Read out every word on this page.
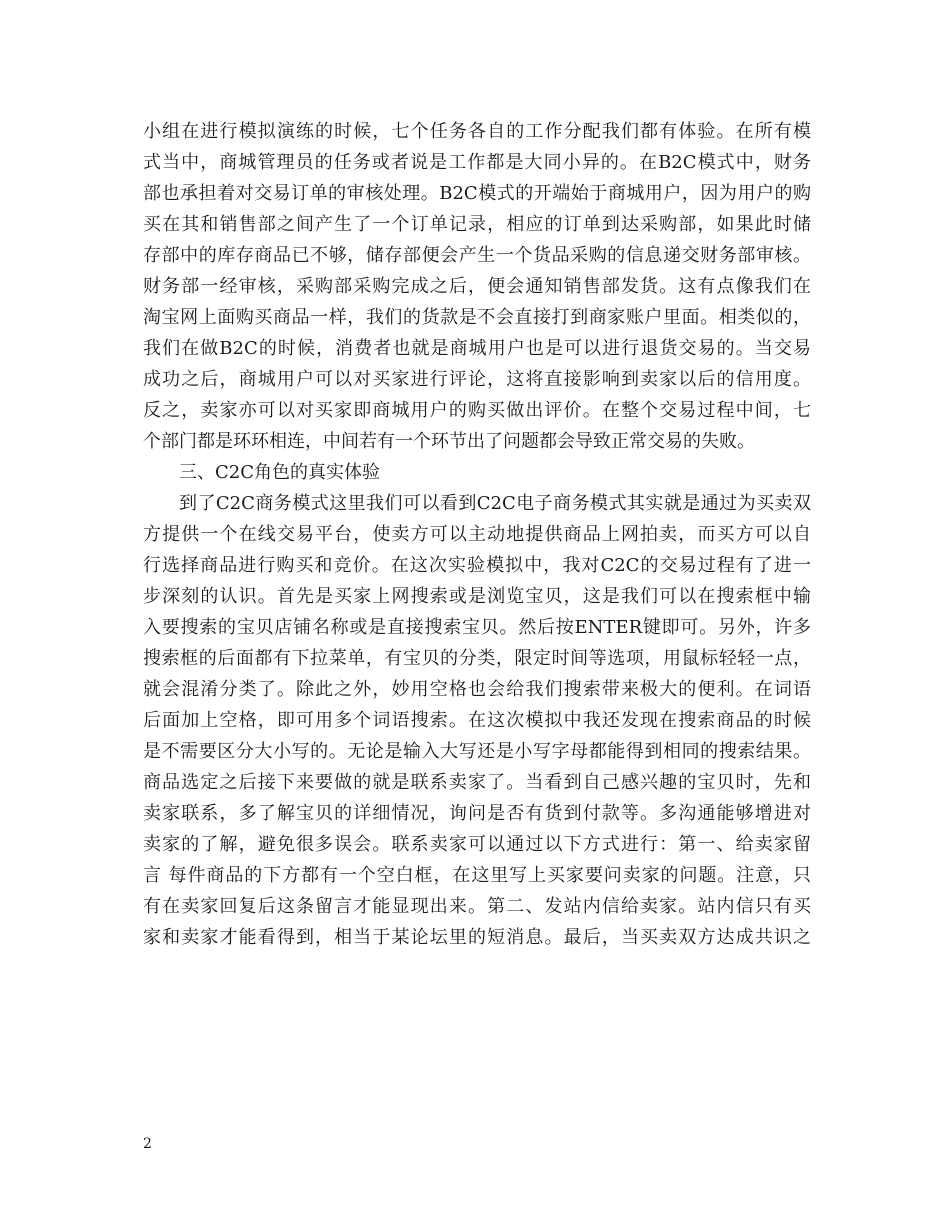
小组在进行模拟演练的时候，七个任务各自的工作分配我们都有体验。在所有模
式当中，商城管理员的任务或者说是工作都是大同小异的。在B2C模式中，财务
部也承担着对交易订单的审核处理。B2C模式的开端始于商城用户，因为用户的购
买在其和销售部之间产生了一个订单记录，相应的订单到达采购部，如果此时储
存部中的库存商品已不够，储存部便会产生一个货品采购的信息递交财务部审核。
财务部一经审核，采购部采购完成之后，便会通知销售部发货。这有点像我们在
淘宝网上面购买商品一样，我们的货款是不会直接打到商家账户里面。相类似的，
我们在做B2C的时候，消费者也就是商城用户也是可以进行退货交易的。当交易
成功之后，商城用户可以对买家进行评论，这将直接影响到卖家以后的信用度。
反之，卖家亦可以对买家即商城用户的购买做出评价。在整个交易过程中间，七
个部门都是环环相连，中间若有一个环节出了问题都会导致正常交易的失败。
三、C2C角色的真实体验
到了C2C商务模式这里我们可以看到C2C电子商务模式其实就是通过为买卖双
方提供一个在线交易平台，使卖方可以主动地提供商品上网拍卖，而买方可以自
行选择商品进行购买和竞价。在这次实验模拟中，我对C2C的交易过程有了进一
步深刻的认识。首先是买家上网搜索或是浏览宝贝，这是我们可以在搜索框中输
入要搜索的宝贝店铺名称或是直接搜索宝贝。然后按ENTER键即可。另外，许多
搜索框的后面都有下拉菜单，有宝贝的分类，限定时间等选项，用鼠标轻轻一点，
就会混淆分类了。除此之外，妙用空格也会给我们搜索带来极大的便利。在词语
后面加上空格，即可用多个词语搜索。在这次模拟中我还发现在搜索商品的时候
是不需要区分大小写的。无论是输入大写还是小写字母都能得到相同的搜索结果。
商品选定之后接下来要做的就是联系卖家了。当看到自己感兴趣的宝贝时，先和
卖家联系，多了解宝贝的详细情况，询问是否有货到付款等。多沟通能够增进对
卖家的了解，避免很多误会。联系卖家可以通过以下方式进行：第一、给卖家留
言 每件商品的下方都有一个空白框，在这里写上买家要问卖家的问题。注意，只
有在卖家回复后这条留言才能显现出来。第二、发站内信给卖家。站内信只有买
家和卖家才能看得到，相当于某论坛里的短消息。最后，当买卖双方达成共识之
2
